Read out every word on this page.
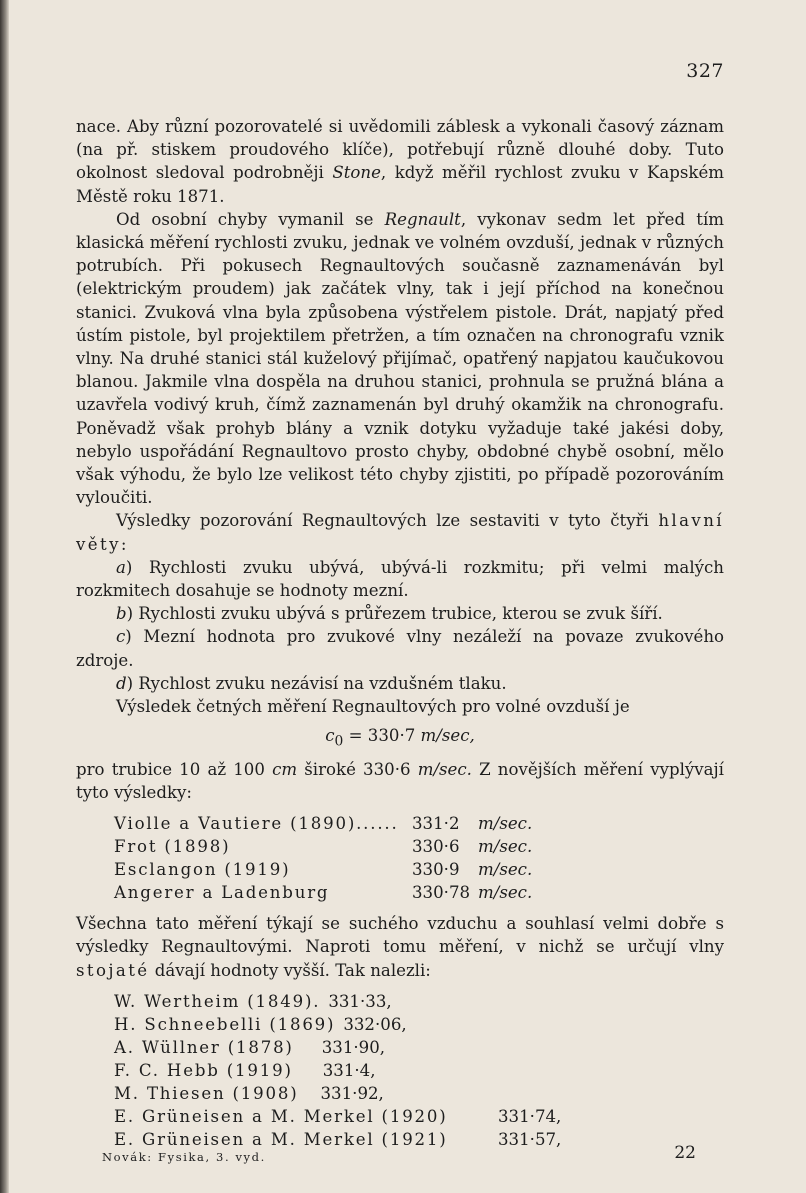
327

nace. Aby různí pozorovatelé si uvědomili záblesk a vykonali časový záznam (na př. stiskem proudového klíče), potřebují různě dlouhé doby. Tuto okolnost sledoval podrobněji Stone, když měřil rychlost zvuku v Kapském Městě roku 1871.

Od osobní chyby vymanil se Regnault, vykonav sedm let před tím klasická měření rychlosti zvuku, jednak ve volném ovzduší, jednak v různých potrubích. Při pokusech Regnaultových současně zaznamenáván byl (elektrickým proudem) jak začátek vlny, tak i její příchod na konečnou stanici. Zvuková vlna byla způsobena výstřelem pistole. Drát, napjatý před ústím pistole, byl projektilem přetržen, a tím označen na chronografu vznik vlny. Na druhé stanici stál kuželový přijímač, opatřený napjatou kaučukovou blanou. Jakmile vlna dospěla na druhou stanici, prohnula se pružná blána a uzavřela vodivý kruh, čímž zaznamenán byl druhý okamžik na chronografu. Poněvadž však prohyb blány a vznik dotyku vyžaduje také jakési doby, nebylo uspořádání Regnaultovo prosto chyby, obdobné chybě osobní, mělo však výhodu, že bylo lze velikost této chyby zjistiti, po případě pozorováním vyloučiti.

Výsledky pozorování Regnaultových lze sestaviti v tyto čtyři hlavní věty:

a) Rychlosti zvuku ubývá, ubývá-li rozkmitu; při velmi malých rozkmitech dosahuje se hodnoty mezní.

b) Rychlosti zvuku ubývá s průřezem trubice, kterou se zvuk šíří.

c) Mezní hodnota pro zvukové vlny nezáleží na povaze zvukového zdroje.

d) Rychlost zvuku nezávisí na vzdušném tlaku.

Výsledek četných měření Regnaultových pro volné ovzduší je

$c_0 = 330\cdot 7$ m/sec,

pro trubice 10 až 100 cm široké 330·6 m/sec. Z novějších měření vyplývají tyto výsledky:

Violle a Vautiere (1890)...... 331·2	m/sec.
Frot (1898)	330·6	m/sec.
Esclangon (1919)	330·9	m/sec.
Angerer a Ladenburg	330·78 m/sec.

Všechna tato měření týkají se suchého vzduchu a souhlasí velmi dobře s výsledky Regnaultovými. Naproti tomu měření, v nichž se určují vlny stojaté dávají hodnoty vyšší. Tak nalezli:

W. Wertheim (1849). 331·33,
H. Schneebelli (1869) 332·06,
A. Wüllner (1878) 331·90,
F. C. Hebb (1919) 331·4,
M. Thiesen (1908) 331·92,
E. Grüneisen a M. Merkel (1920)	331·74,
E. Grüneisen a M. Merkel (1921)	331·57,
Novák: Fysika, 3. vyd.	22
